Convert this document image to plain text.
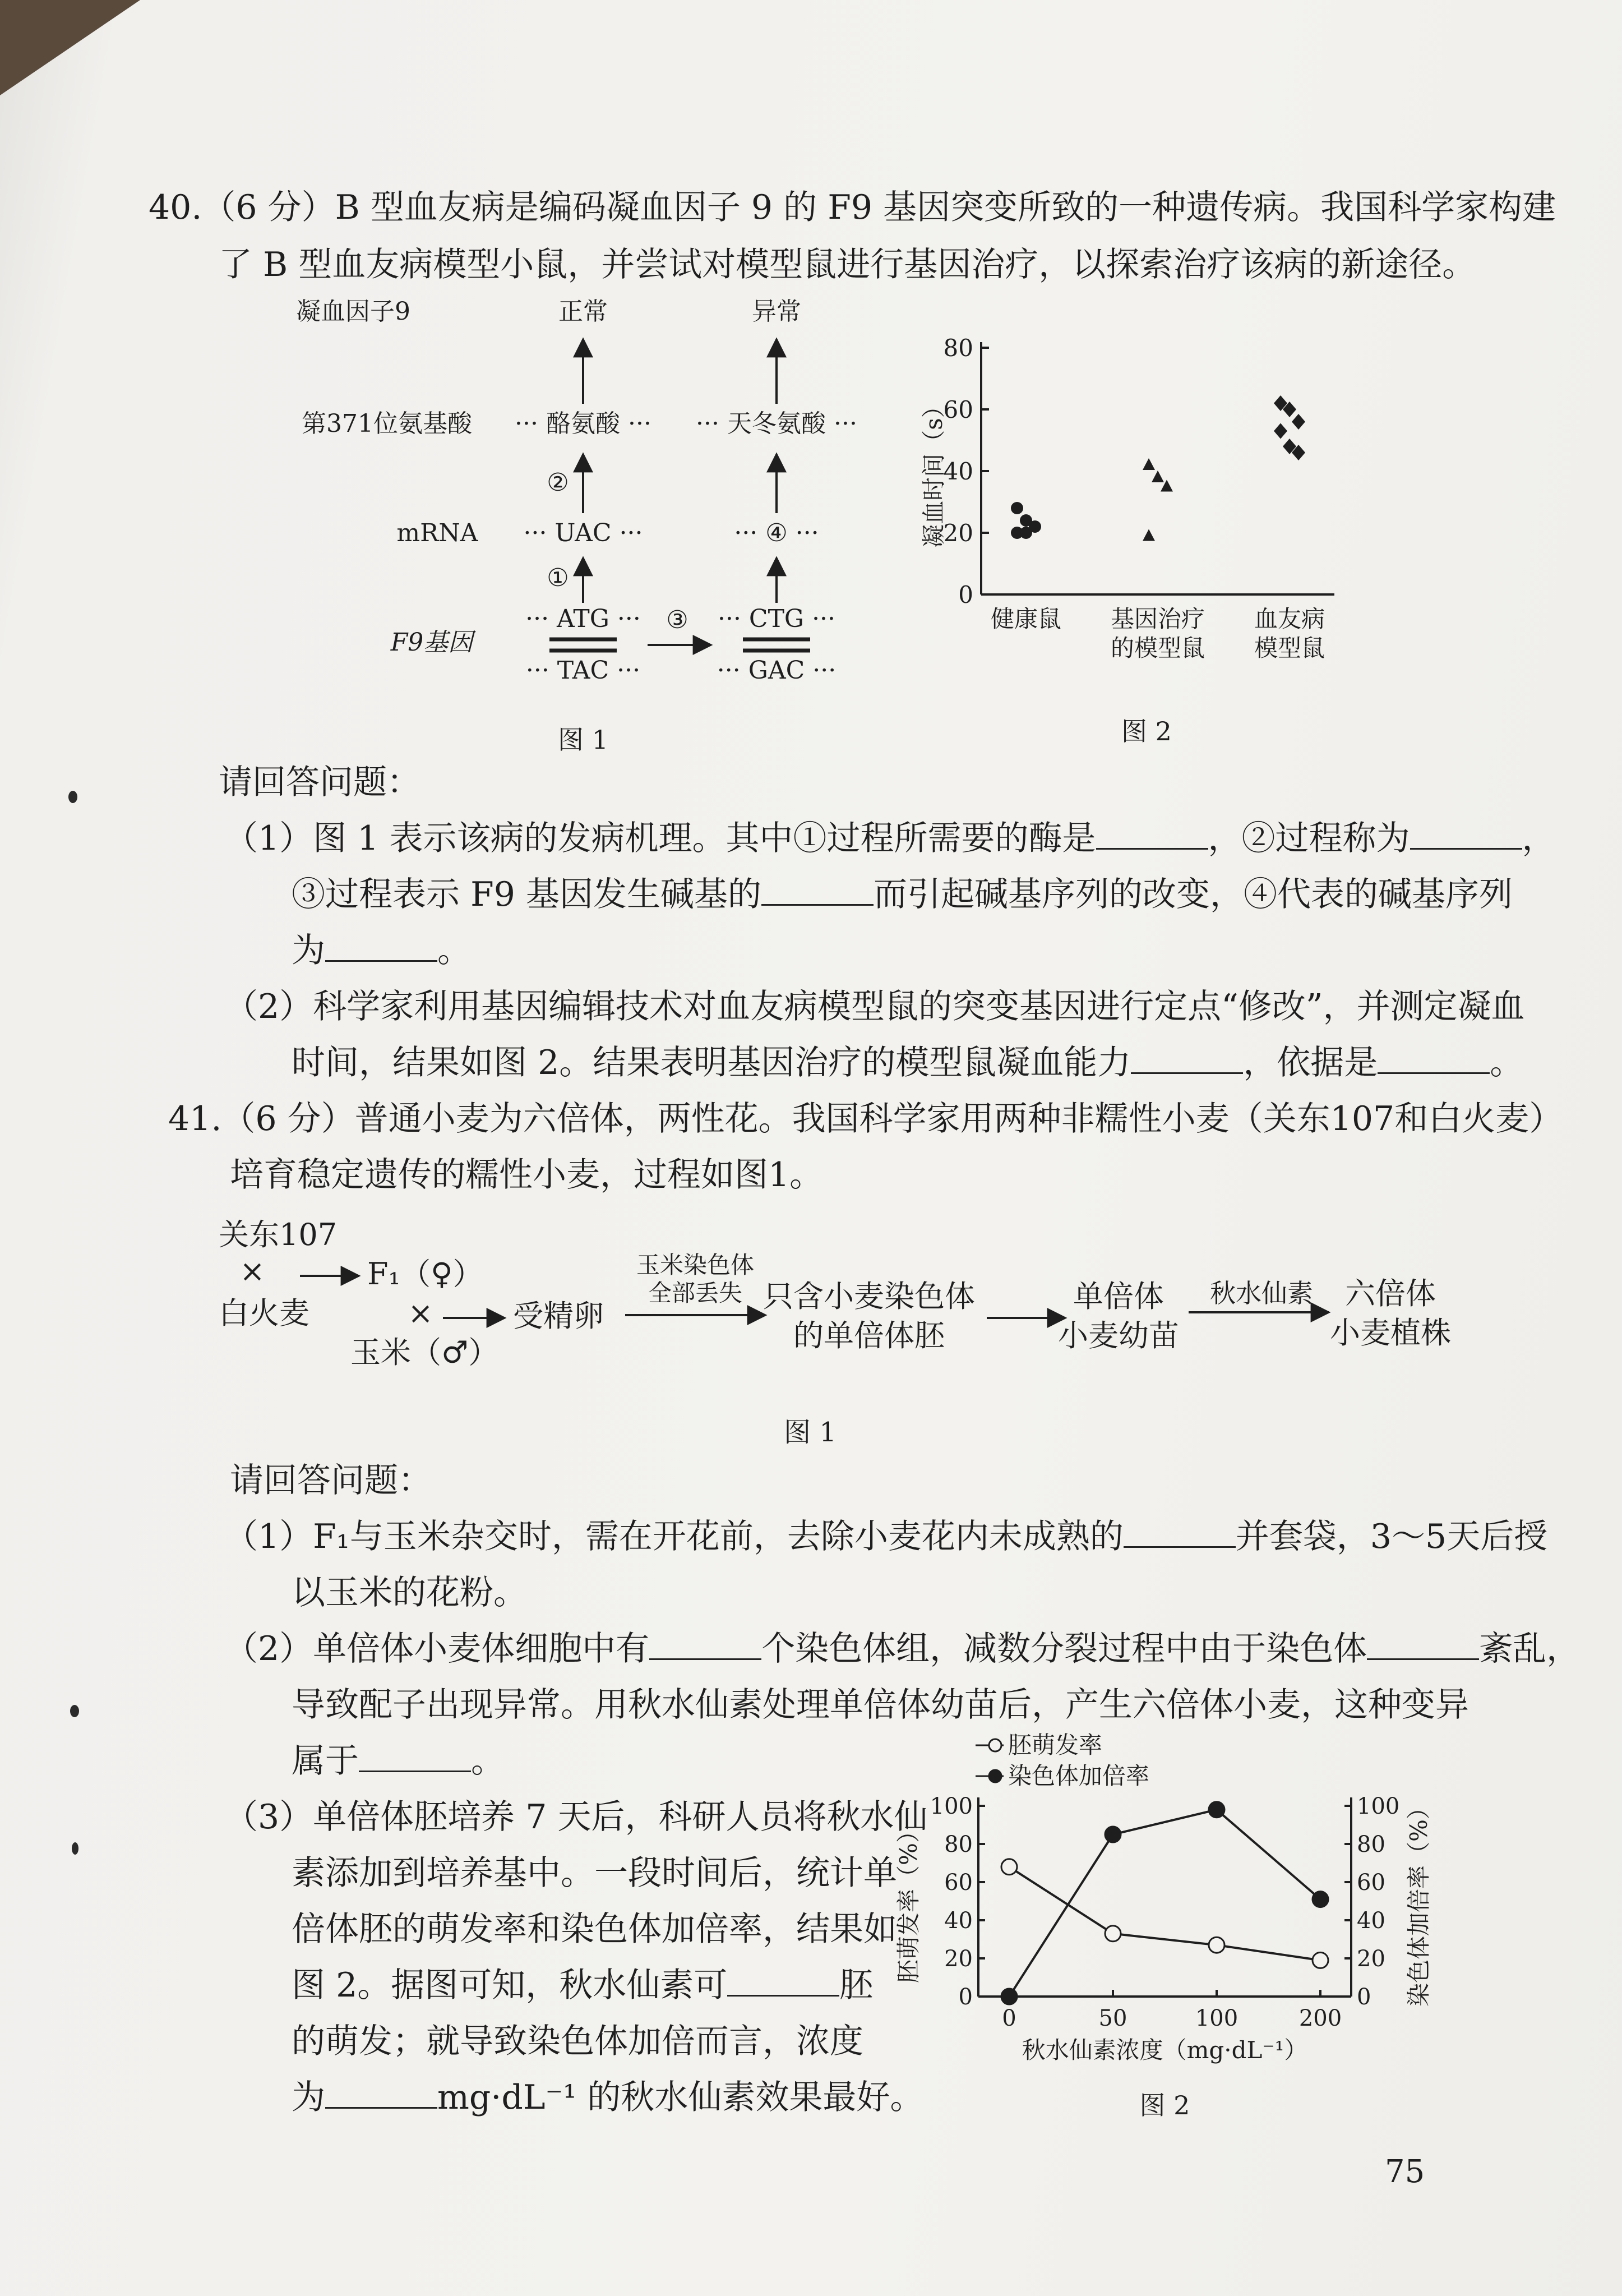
40.（6 分）B 型血友病是编码凝血因子 9 的 F9 基因突变所致的一种遗传病。我国科学家构建
了 B 型血友病模型小鼠，并尝试对模型鼠进行基因治疗，以探索治疗该病的新途径。
凝血因子9
第371位氨基酸
mRNA
F9基因
正常
··· 酪氨酸 ···
②
··· UAC ···
①
··· ATG ···
··· TAC ···
③
异常
··· 天冬氨酸 ···
··· ④ ···
··· CTG ···
··· GAC ···
图 1
0
20
40
60
80
凝血时间（s）
健康鼠 基因治疗
的模型鼠
血友病
模型鼠
图 2
请回答问题：
（1）图 1 表示该病的发病机理。其中①过程所需要的酶是	，②过程称为	，
③过程表示 F9 基因发生碱基的	而引起碱基序列的改变，④代表的碱基序列
为	。
（2）科学家利用基因编辑技术对血友病模型鼠的突变基因进行定点“修改”，并测定凝血
时间，结果如图 2。结果表明基因治疗的模型鼠凝血能力	，依据是	。
41.（6 分）普通小麦为六倍体，两性花。我国科学家用两种非糯性小麦（关东107和白火麦）
培育稳定遗传的糯性小麦，过程如图1。
关东107
×
白火麦
F₁（♀）
×
玉米（♂）
受精卵
玉米染色体
全部丢失 只含小麦染色体
的单倍体胚
单倍体
小麦幼苗
秋水仙素 六倍体
小麦植株
图 1
请回答问题：
（1）F₁与玉米杂交时，需在开花前，去除小麦花内未成熟的	并套袋，3～5天后授
以玉米的花粉。
（2）单倍体小麦体细胞中有	个染色体组，减数分裂过程中由于染色体	紊乱，
导致配子出现异常。用秋水仙素处理单倍体幼苗后，产生六倍体小麦，这种变异
属于	。
（3）单倍体胚培养 7 天后，科研人员将秋水仙
素添加到培养基中。一段时间后，统计单
倍体胚的萌发率和染色体加倍率，结果如
图 2。据图可知，秋水仙素可	胚
的萌发；就导致染色体加倍而言，浓度
为	mg·dL⁻¹ 的秋水仙素效果最好。
0	0
20	20
40	40
60	60
80	80
100	100
0	50	100	200
秋水仙素浓度（mg·dL⁻¹）
胚萌发率（%）	染色体加倍率（%）
胚萌发率
染色体加倍率
图 2
75
